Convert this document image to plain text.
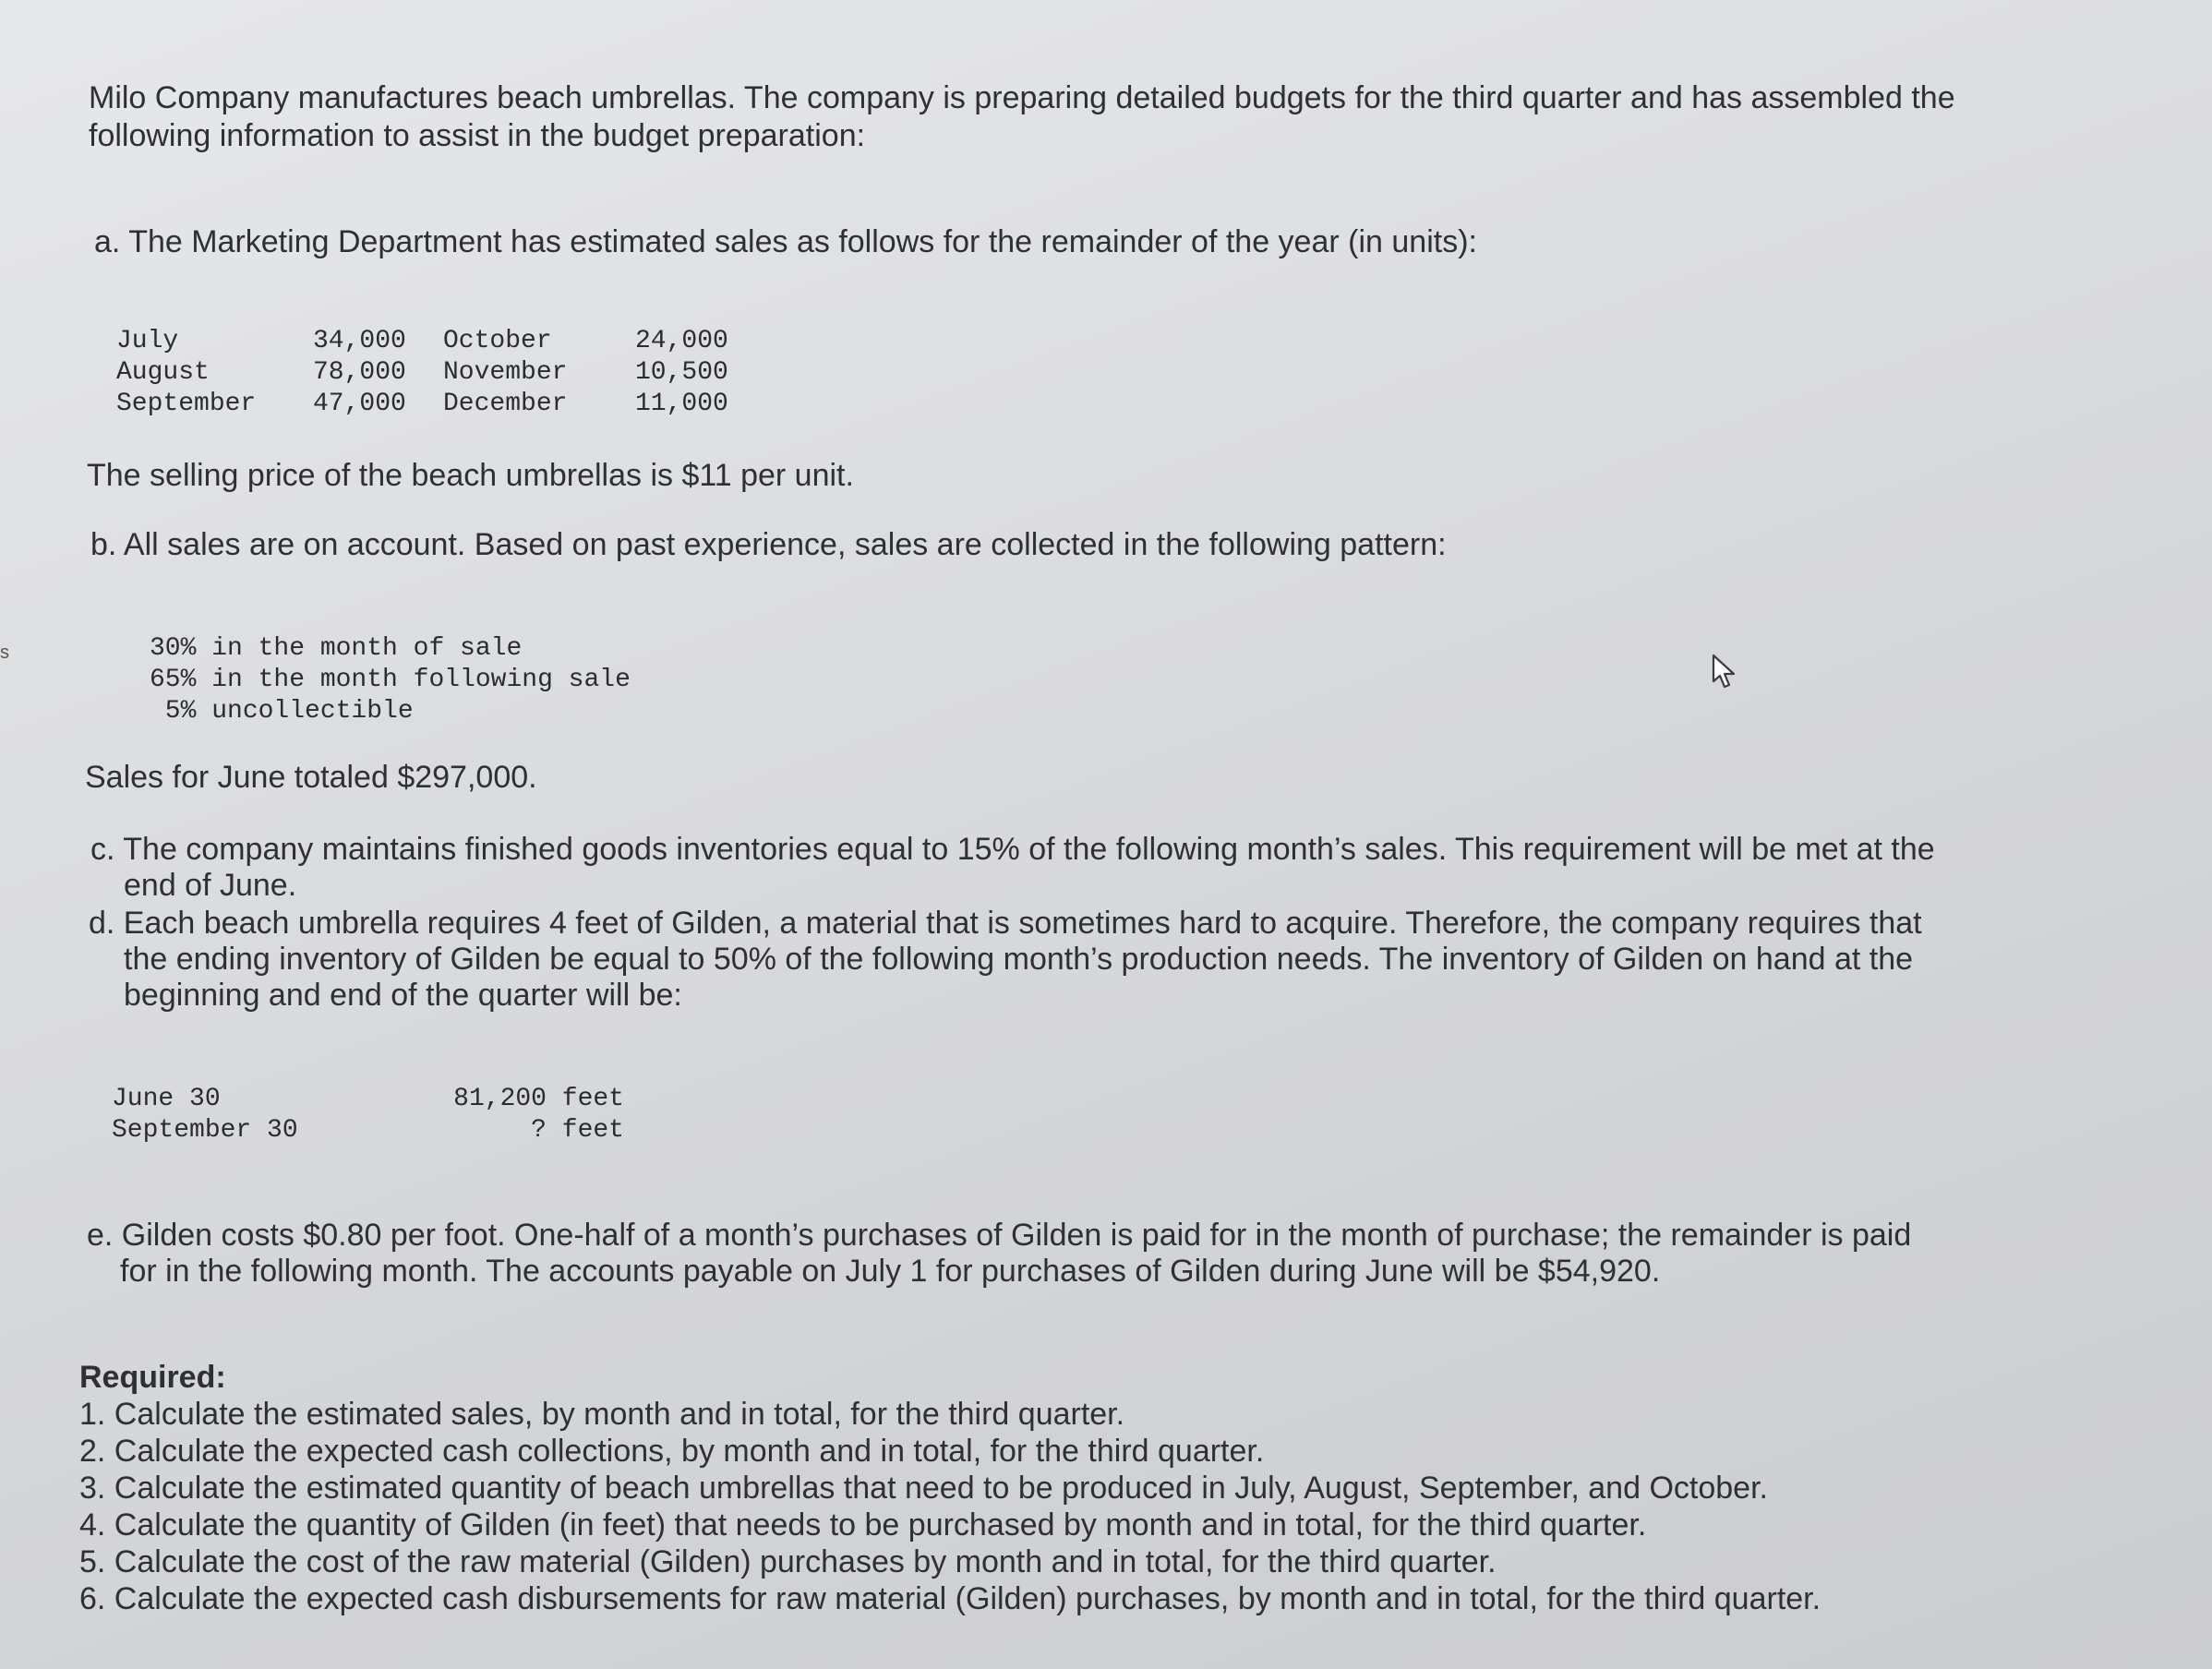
s
Milo Company manufactures beach umbrellas. The company is preparing detailed budgets for the third quarter and has assembled the
following information to assist in the budget preparation:
a. The Marketing Department has estimated sales as follows for the remainder of the year (in units):
July	34,000 October	24,000
August	78,000 November	10,500
September 47,000 December	11,000
The selling price of the beach umbrellas is $11 per unit.
b. All sales are on account. Based on past experience, sales are collected in the following pattern:
30% in the month of sale
65% in the month following sale
5% uncollectible
Sales for June totaled $297,000.
c. The company maintains finished goods inventories equal to 15% of the following month’s sales. This requirement will be met at the
end of June.
d. Each beach umbrella requires 4 feet of Gilden, a material that is sometimes hard to acquire. Therefore, the company requires that
the ending inventory of Gilden be equal to 50% of the following month’s production needs. The inventory of Gilden on hand at the
beginning and end of the quarter will be:
June 30	81,200 feet
September 30	? feet
e. Gilden costs $0.80 per foot. One-half of a month’s purchases of Gilden is paid for in the month of purchase; the remainder is paid
for in the following month. The accounts payable on July 1 for purchases of Gilden during June will be $54,920.
Required:
1. Calculate the estimated sales, by month and in total, for the third quarter.
2. Calculate the expected cash collections, by month and in total, for the third quarter.
3. Calculate the estimated quantity of beach umbrellas that need to be produced in July, August, September, and October.
4. Calculate the quantity of Gilden (in feet) that needs to be purchased by month and in total, for the third quarter.
5. Calculate the cost of the raw material (Gilden) purchases by month and in total, for the third quarter.
6. Calculate the expected cash disbursements for raw material (Gilden) purchases, by month and in total, for the third quarter.
